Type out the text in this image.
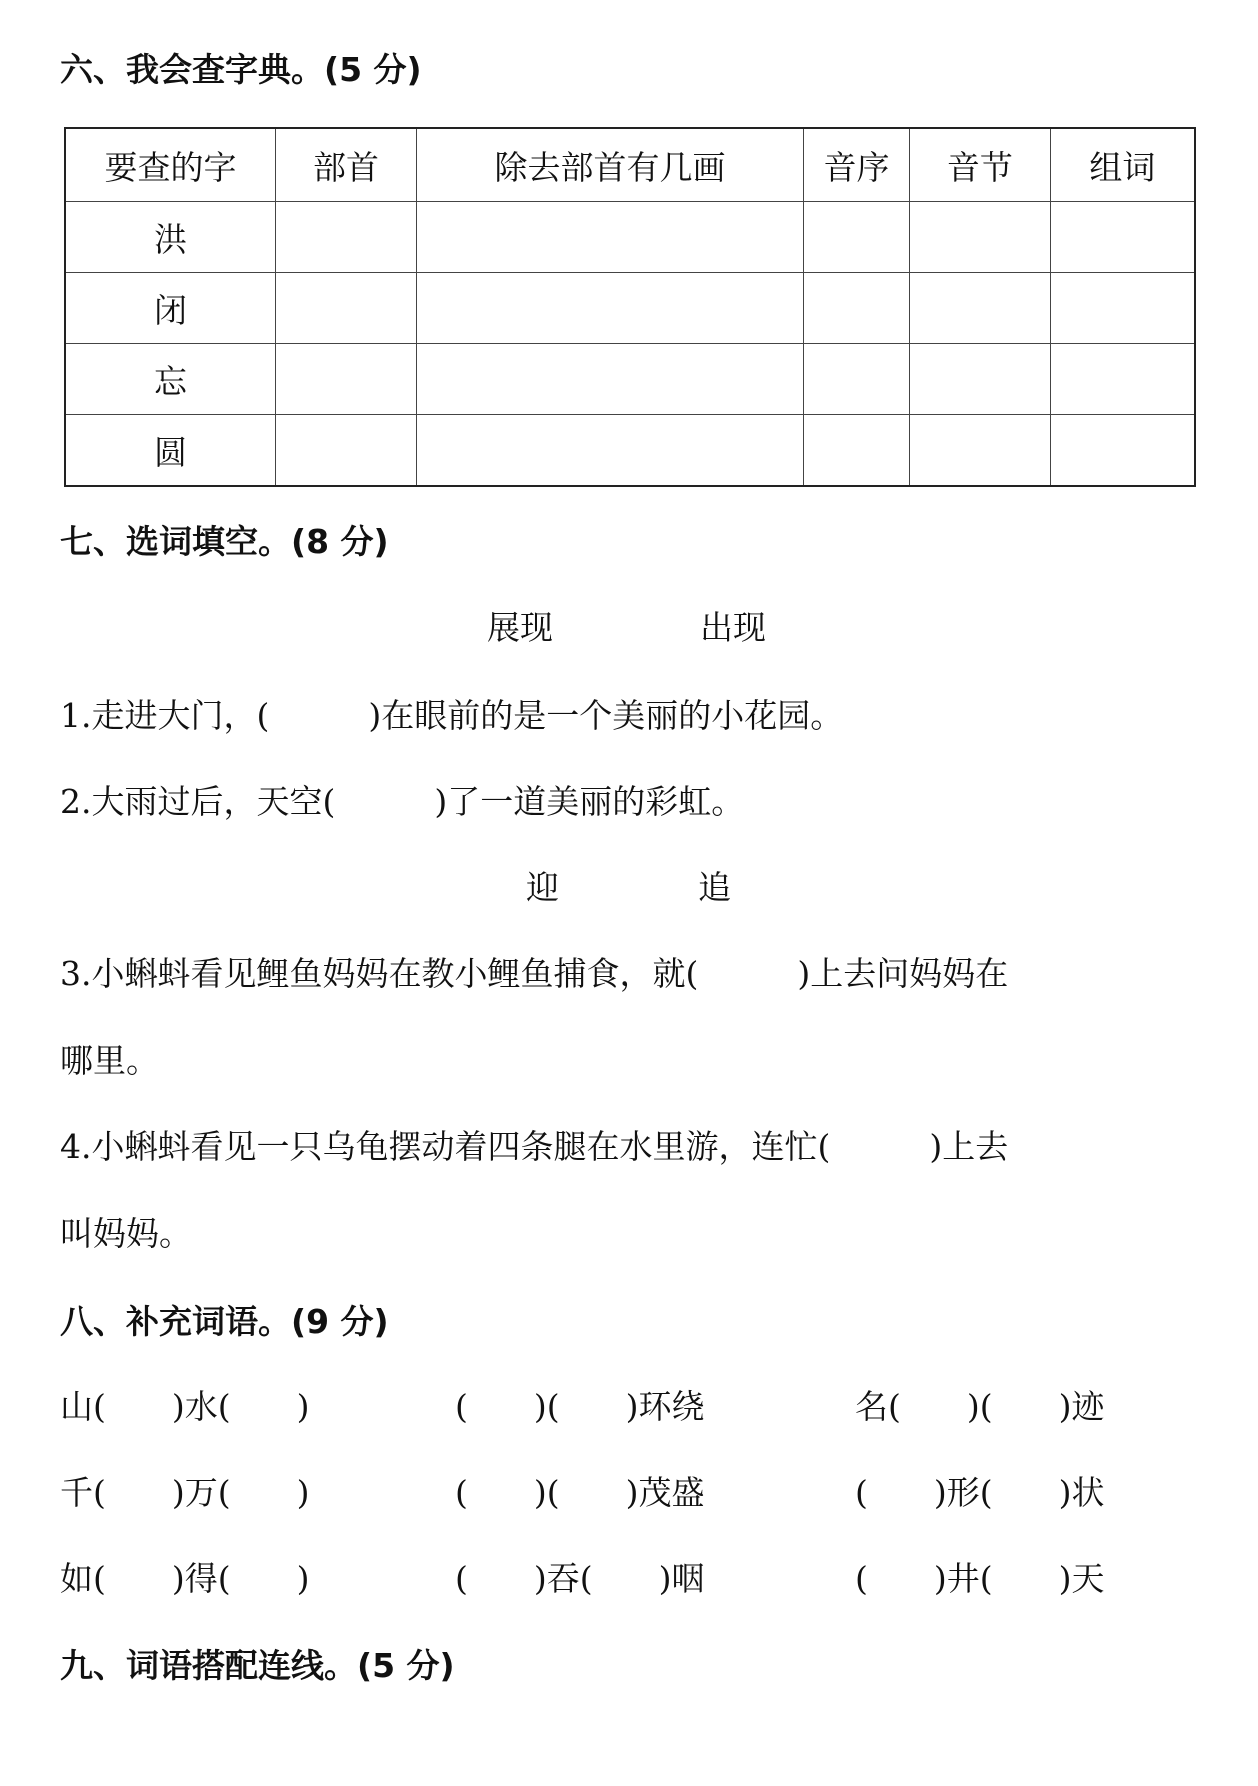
六、我会查字典。(5 分)
要查的字	部首	除去部首有几画	音序	音节	组词
洪					
闭					
忘					
圆					
七、选词填空。(8 分)
展现	出现
1.走进大门，(　　　)在眼前的是一个美丽的小花园。
2.大雨过后，天空(　　　)了一道美丽的彩虹。
迎	追
3.小蝌蚪看见鲤鱼妈妈在教小鲤鱼捕食，就(　　　)上去问妈妈在
哪里。
4.小蝌蚪看见一只乌龟摆动着四条腿在水里游，连忙(　　　)上去
叫妈妈。
八、补充词语。(9 分)
山(　　)水(　　)	(　　)(　　)环绕	名(　　)(　　)迹
千(　　)万(　　)	(　　)(　　)茂盛	(　　)形(　　)状
如(　　)得(　　)	(　　)吞(　　)咽	(　　)井(　　)天
九、词语搭配连线。(5 分)
